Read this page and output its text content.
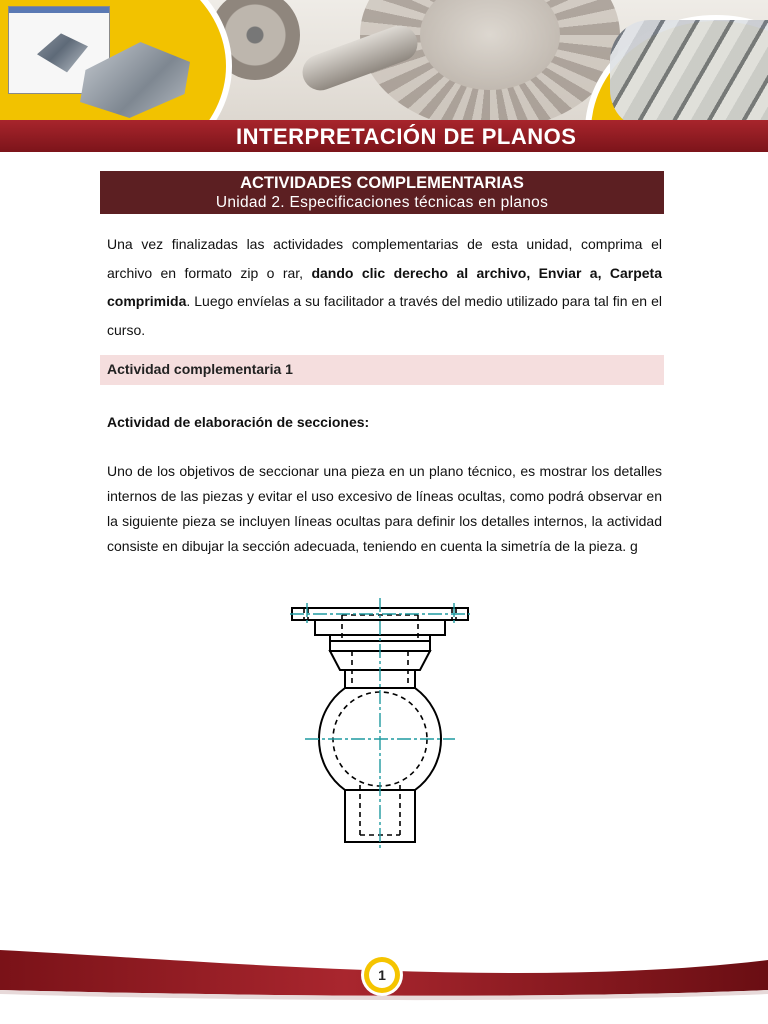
INTERPRETACIÓN DE PLANOS
ACTIVIDADES COMPLEMENTARIAS
Unidad 2. Especificaciones técnicas en planos
Una vez finalizadas las actividades complementarias de esta unidad, comprima el archivo en formato zip o rar, dando clic derecho al archivo, Enviar a, Carpeta comprimida. Luego envíelas a su facilitador a través del medio utilizado para tal fin en el curso.
Actividad complementaria 1
Actividad de elaboración de secciones:
Uno de los objetivos de seccionar una pieza en un plano técnico, es mostrar los detalles internos de las piezas y evitar el uso excesivo de líneas ocultas, como podrá observar en la siguiente pieza se incluyen líneas ocultas para definir los detalles internos, la actividad consiste en dibujar la sección adecuada, teniendo en cuenta la simetría de la pieza. g
1
